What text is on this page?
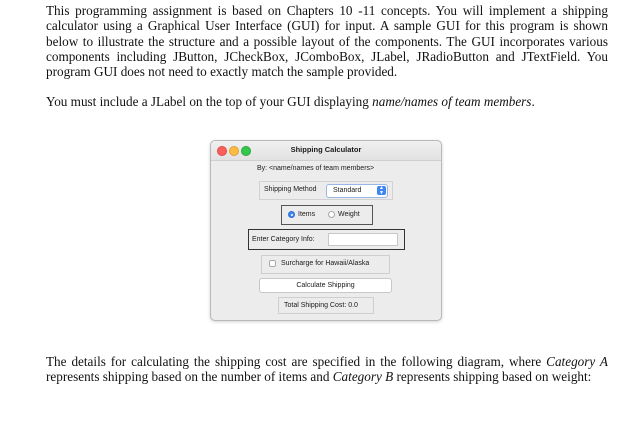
This programming assignment is based on Chapters 10 -11 concepts. You will implement a shipping calculator using a Graphical User Interface (GUI) for input. A sample GUI for this program is shown below to illustrate the structure and a possible layout of the components. The GUI incorporates various components including JButton, JCheckBox, JComboBox, JLabel, JRadioButton and JTextField. You program GUI does not need to exactly match the sample provided.

You must include a JLabel on the top of your GUI displaying name/names of team members.

Shipping Calculator
By: <name/names of team members>
Shipping Method Standard	▲
▼
Items	Weight
Enter Category Info:
Surcharge for Hawaii/Alaska
Calculate Shipping
Total Shipping Cost: 0.0

The details for calculating the shipping cost are specified in the following diagram, where Category A represents shipping based on the number of items and Category B represents shipping based on weight:
